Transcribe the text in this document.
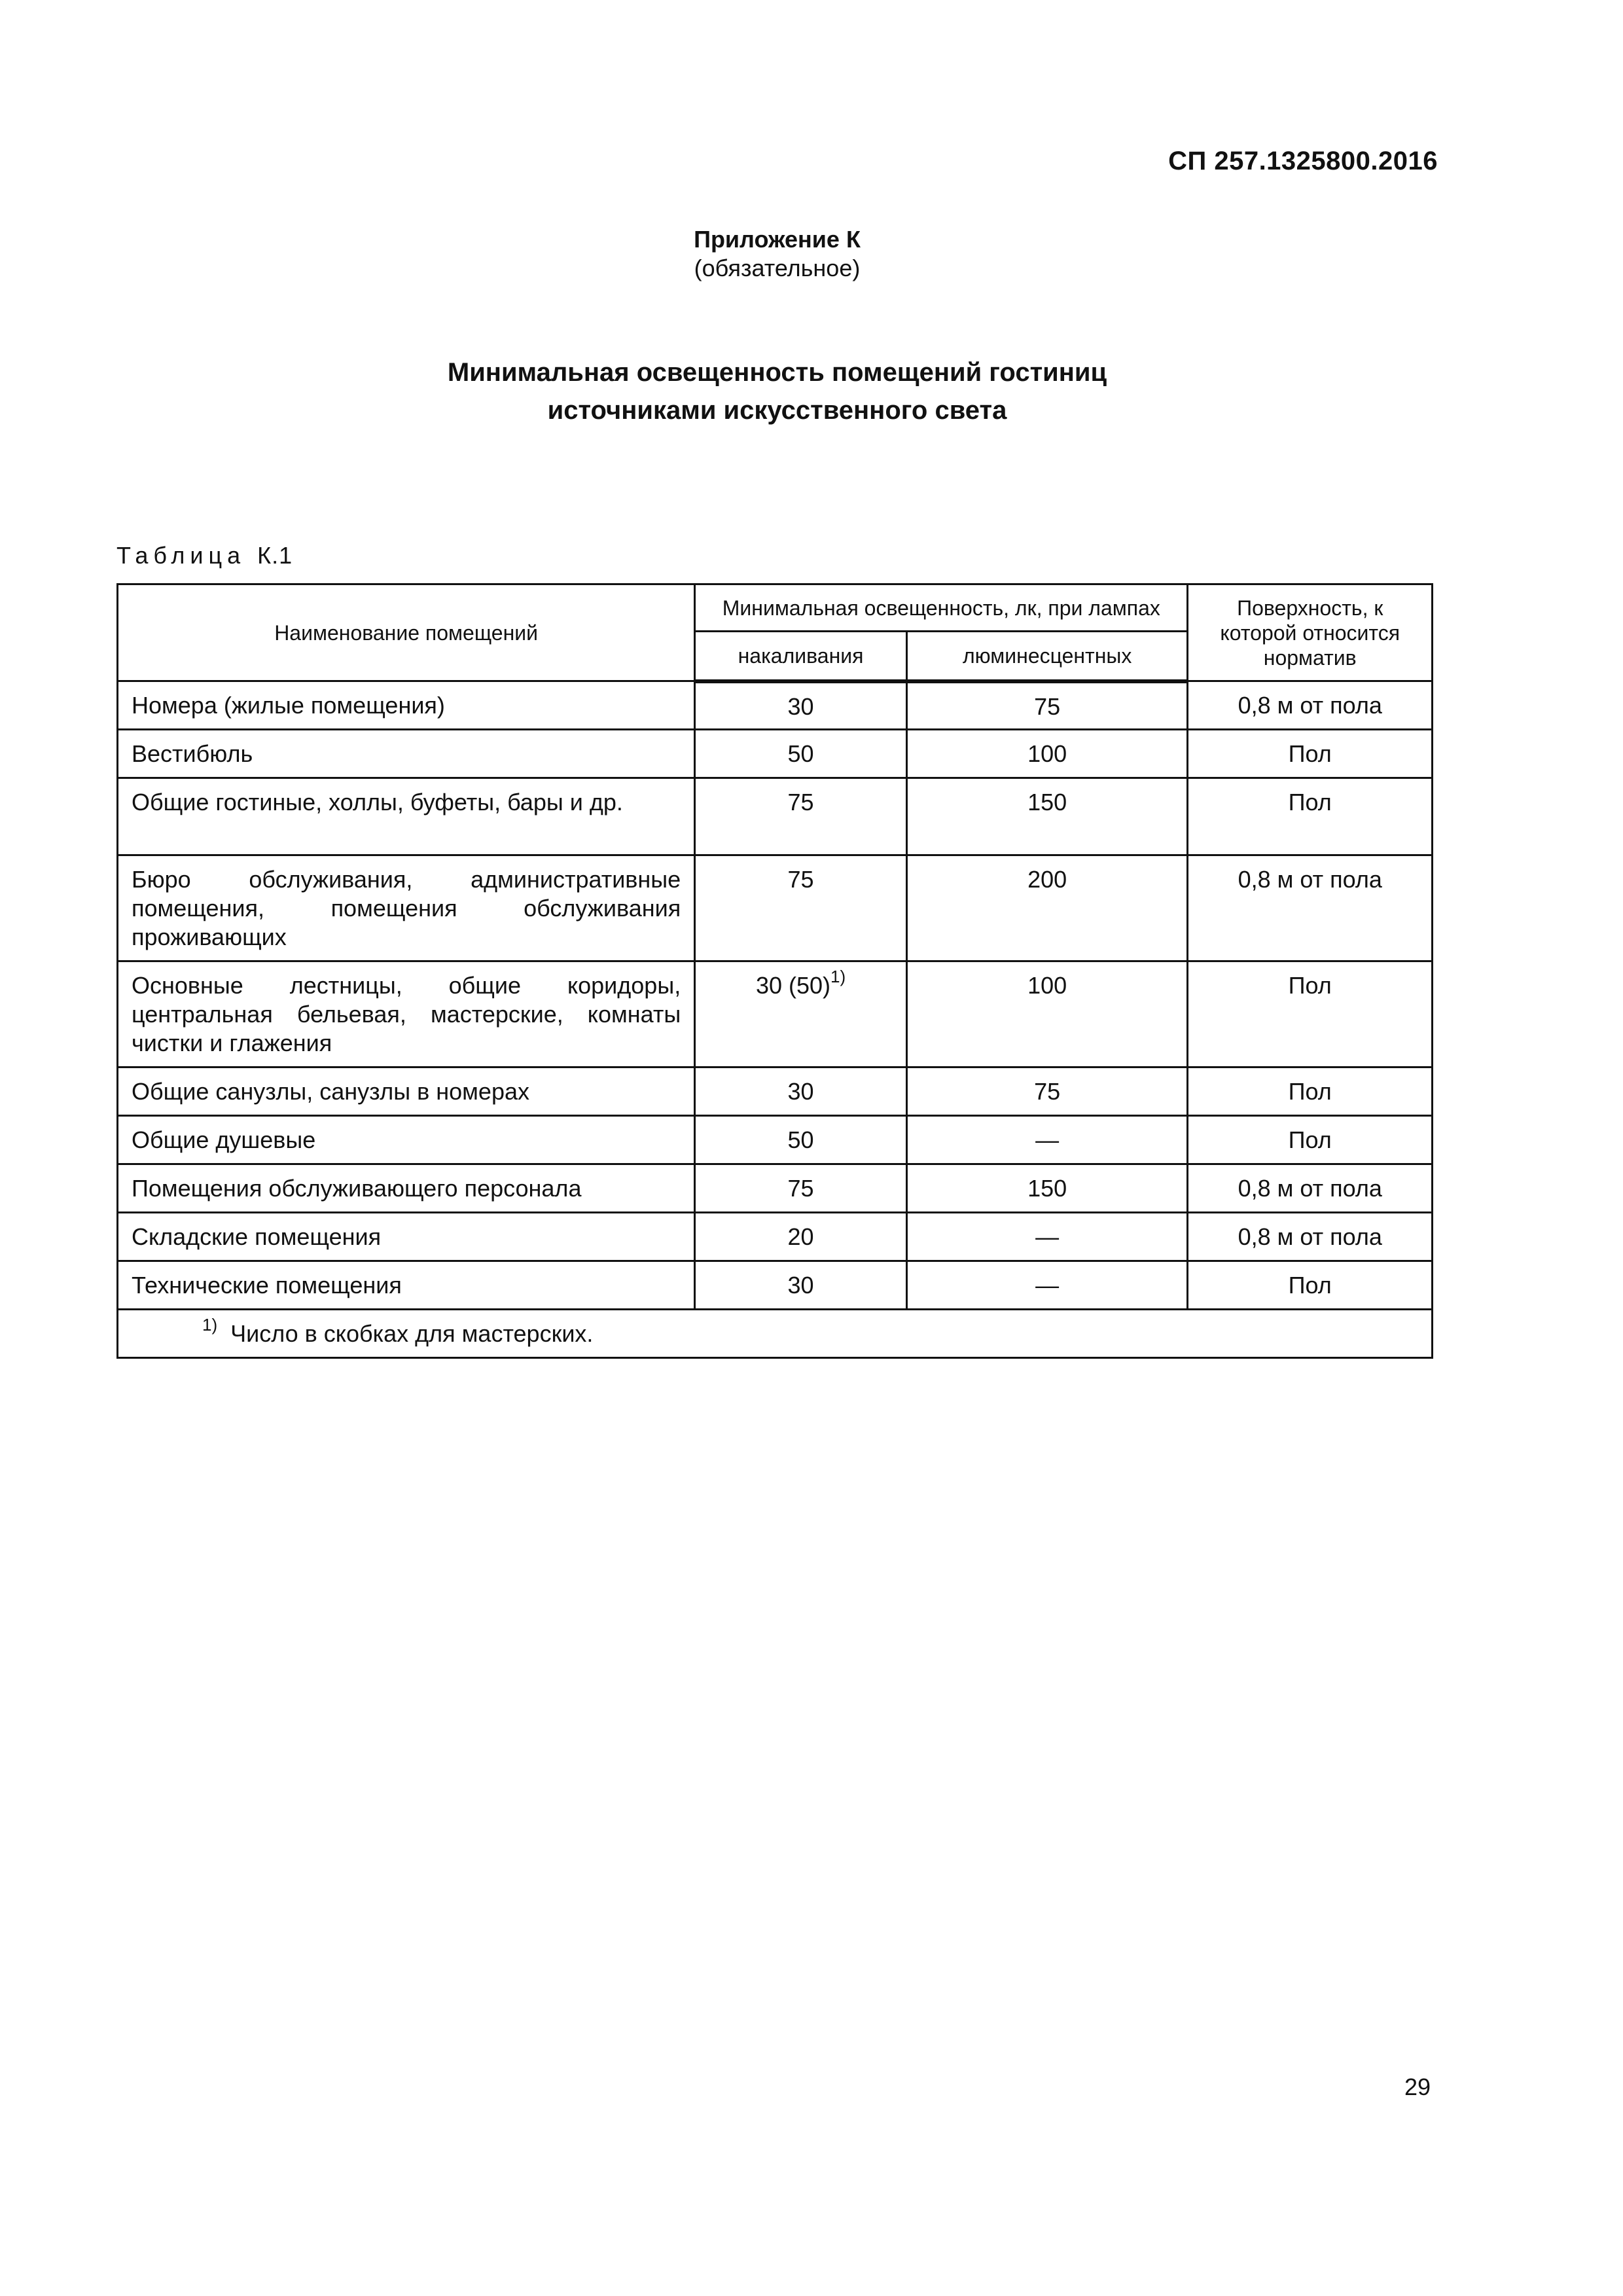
СП 257.1325800.2016
Приложение К
(обязательное)
Минимальная освещенность помещений гостиниц
источниками искусственного света
Таблица К.1
Наименование помещений	Минимальная освещенность, лк, при лампах		Поверхность, к которой относится норматив
	накаливания	люминесцентных	
Номера (жилые помещения)	30	75	0,8 м от пола
Вестибюль	50	100	Пол
Общие гостиные, холлы, буфеты, бары и др.	75	150	Пол
Бюро обслуживания, административные помещения, помещения обслуживания проживающих	75	200	0,8 м от пола
Основные лестницы, общие коридоры, центральная бельевая, мастерские, комнаты чистки и глажения	30 $(50)^{1)}$	100	Пол
Общие санузлы, санузлы в номерах	30	75	Пол
Общие душевые	50	—	Пол
Помещения обслуживающего персонала	75	150	0,8 м от пола
Складские помещения	20	—	0,8 м от пола
Технические помещения	30	—	Пол
$^{1)}$ Число в скобках для мастерских.			
29
